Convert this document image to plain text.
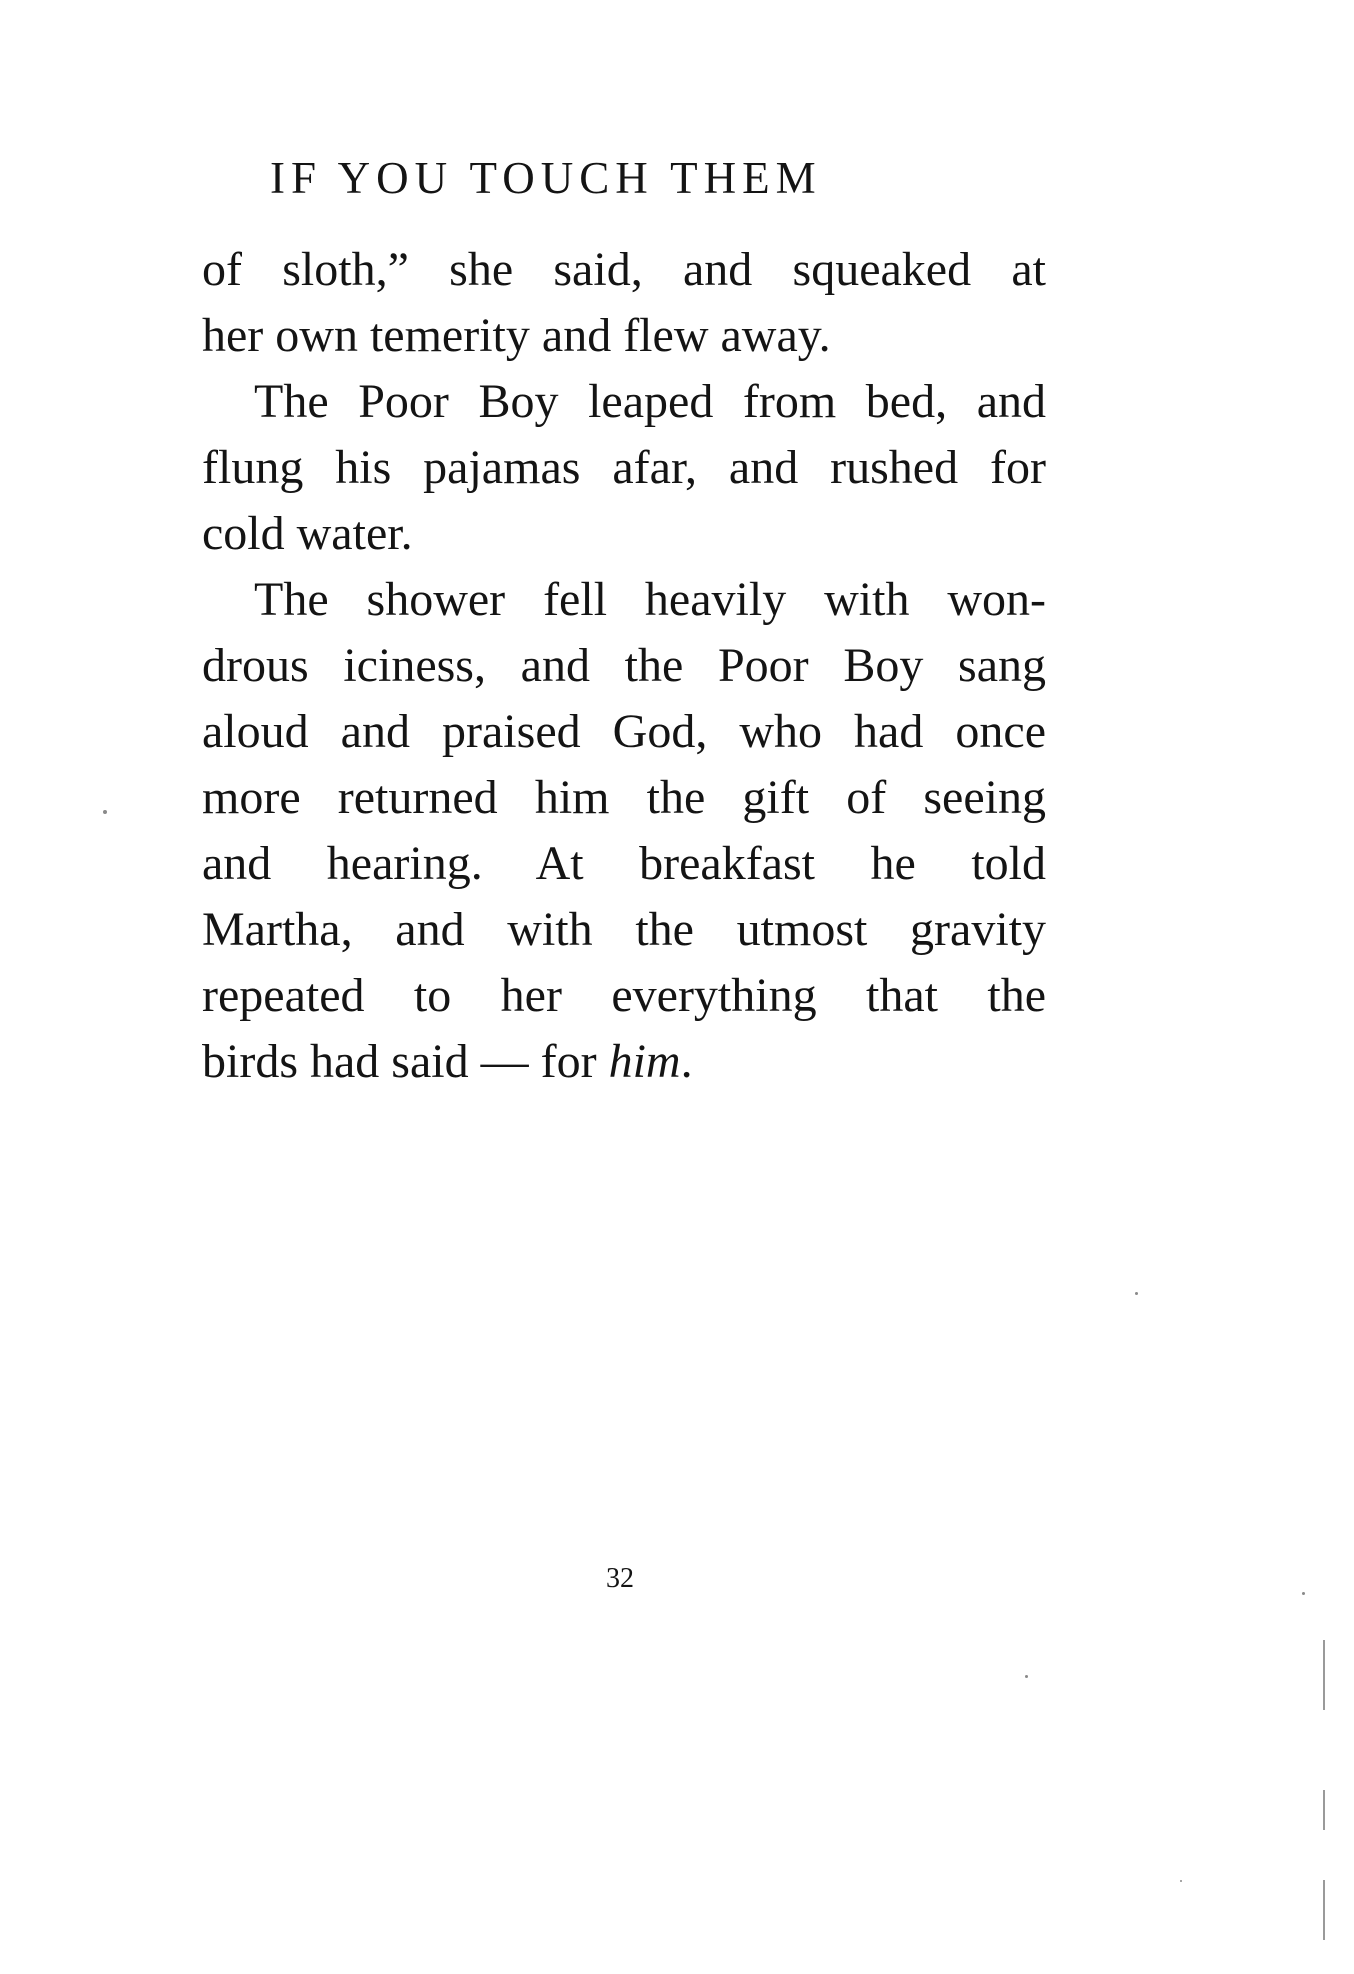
IF YOU TOUCH THEM
of sloth,” she said, and squeaked at
her own temerity and flew away.
The Poor Boy leaped from bed, and
flung his pajamas afar, and rushed for
cold water.
The shower fell heavily with won-
drous iciness, and the Poor Boy sang
aloud and praised God, who had once
more returned him the gift of seeing
and hearing. At breakfast he told
Martha, and with the utmost gravity
repeated to her everything that the
birds had said — for him.
32
